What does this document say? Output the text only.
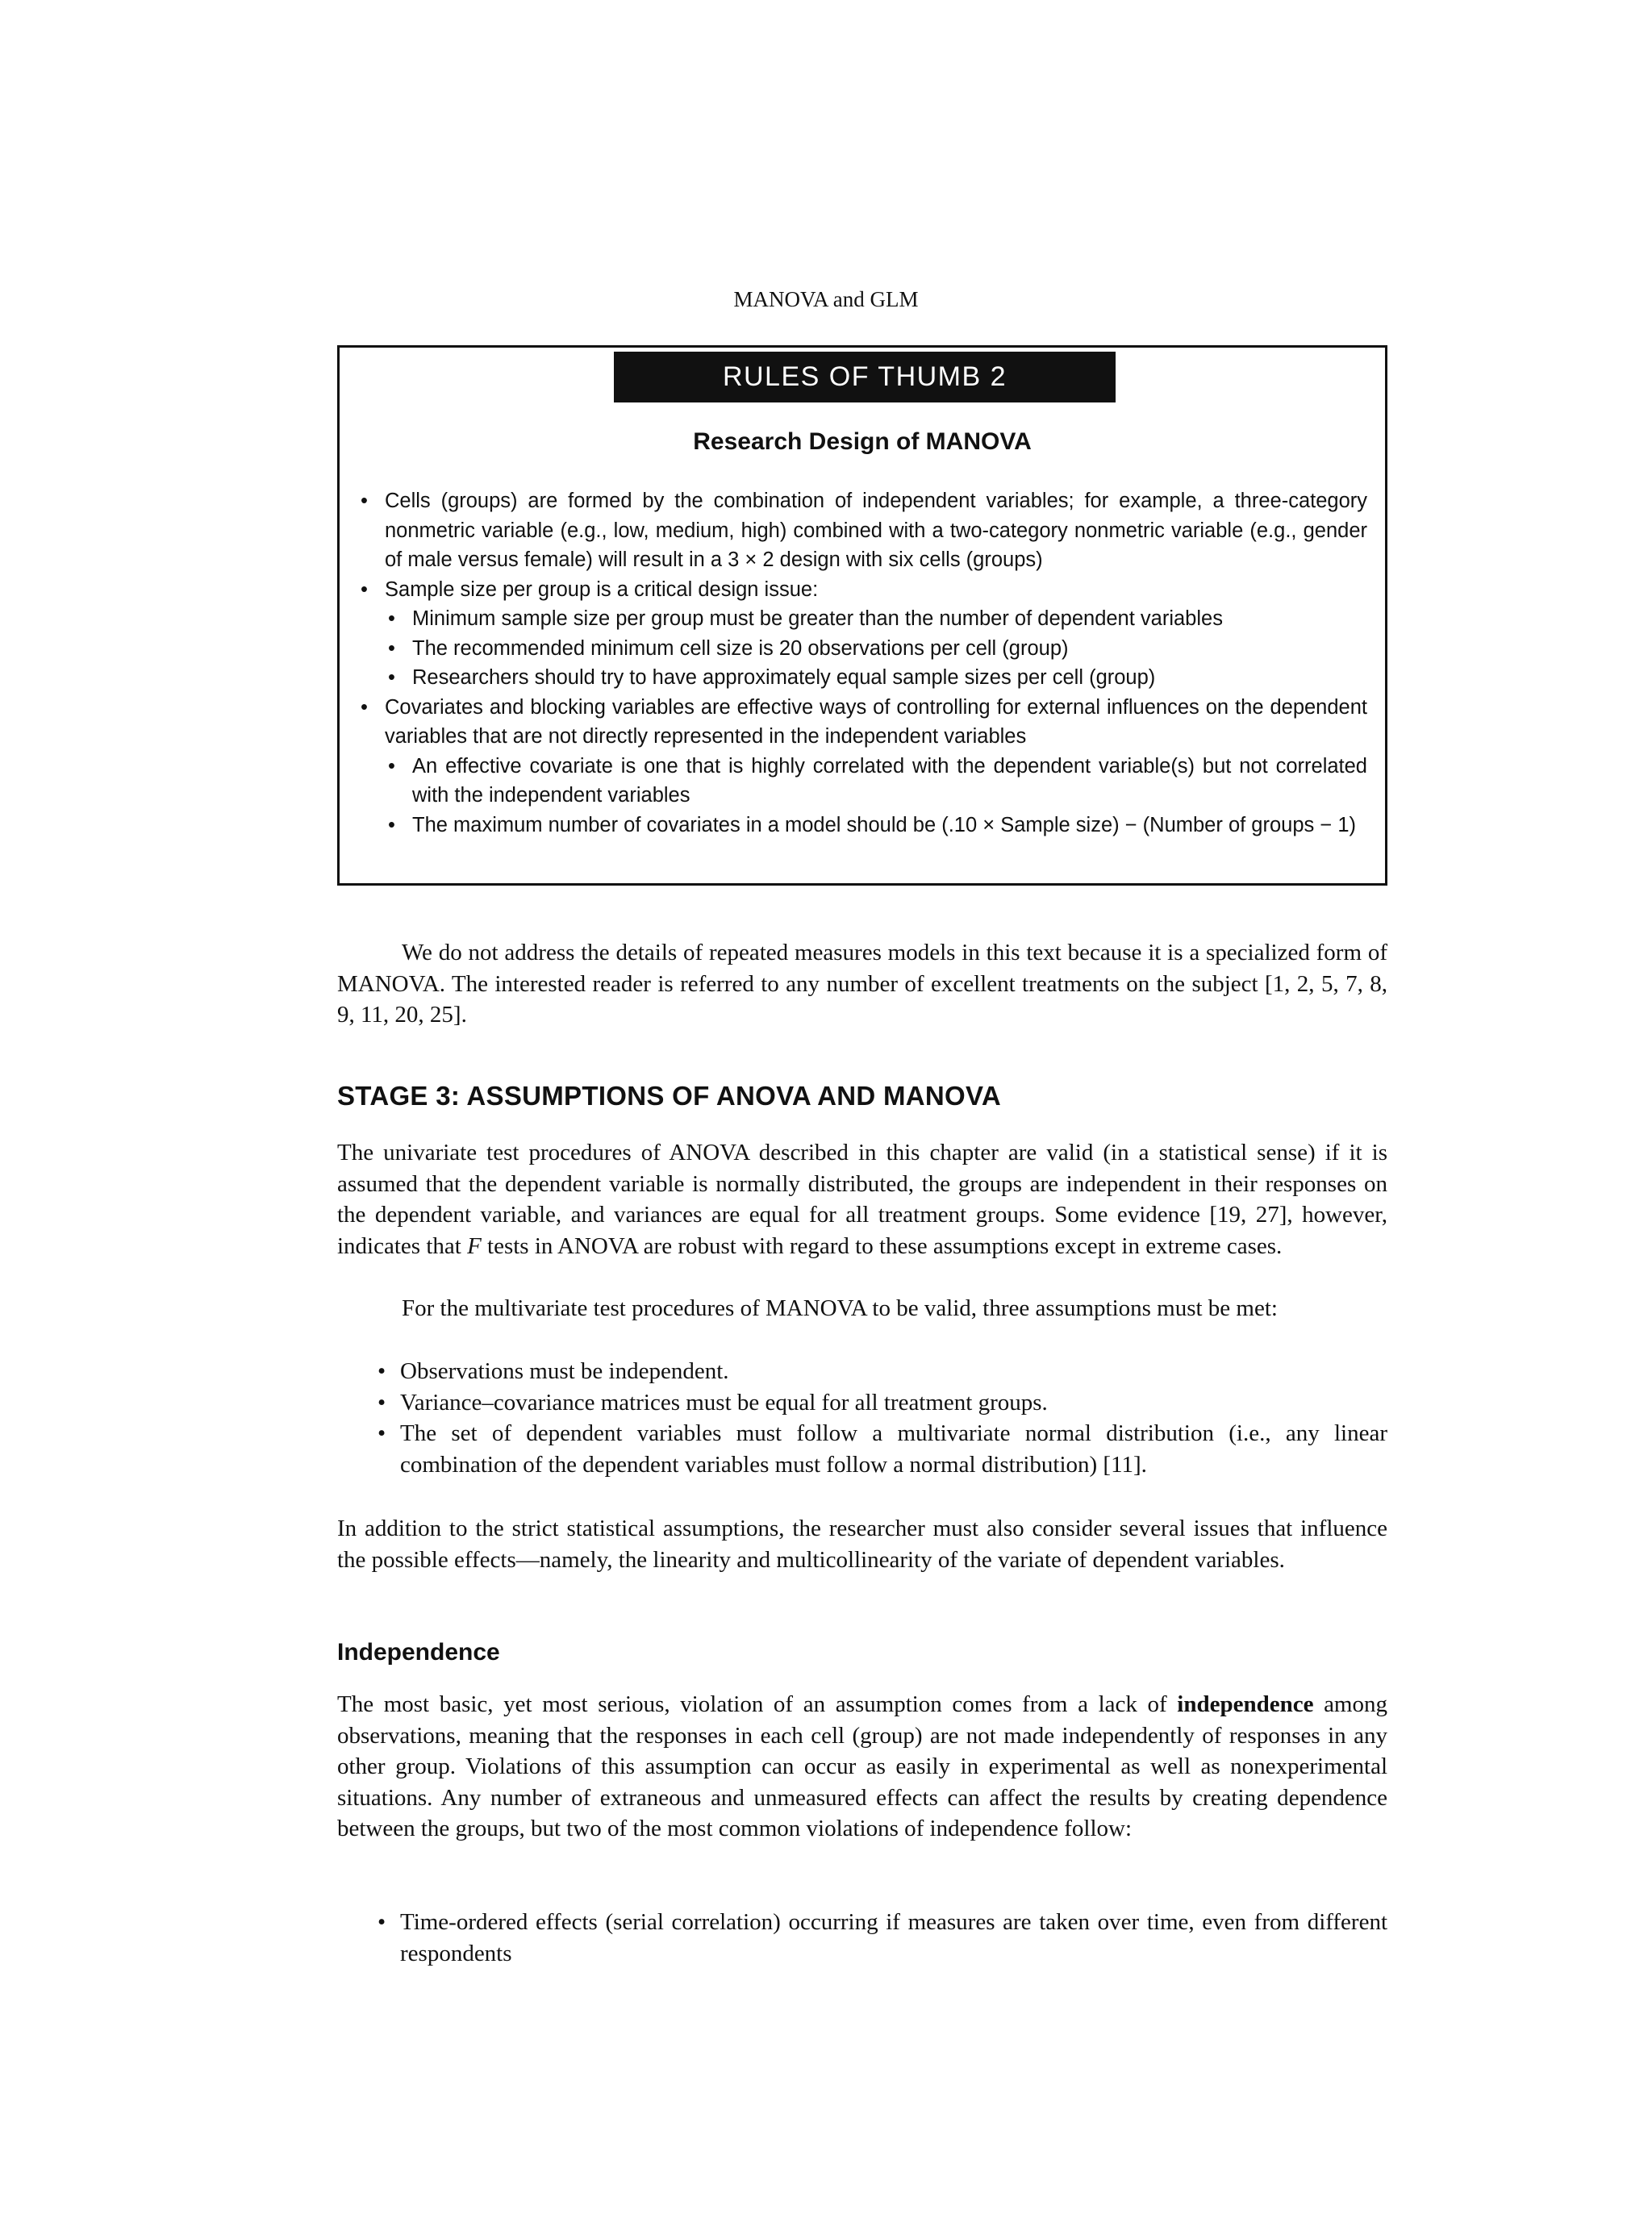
MANOVA and GLM
RULES OF THUMB 2
Research Design of MANOVA
• Cells (groups) are formed by the combination of independent variables; for example, a three-category nonmetric variable (e.g., low, medium, high) combined with a two-category nonmetric variable (e.g., gender of male versus female) will result in a 3 × 2 design with six cells (groups)
• Sample size per group is a critical design issue:
• Minimum sample size per group must be greater than the number of dependent variables
• The recommended minimum cell size is 20 observations per cell (group)
• Researchers should try to have approximately equal sample sizes per cell (group)
• Covariates and blocking variables are effective ways of controlling for external influences on the dependent variables that are not directly represented in the independent variables
• An effective covariate is one that is highly correlated with the dependent variable(s) but not correlated with the independent variables
• The maximum number of covariates in a model should be (.10 × Sample size) − (Number of groups − 1)

We do not address the details of repeated measures models in this text because it is a specialized form of MANOVA. The interested reader is referred to any number of excellent treatments on the subject [1, 2, 5, 7, 8, 9, 11, 20, 25].

STAGE 3: ASSUMPTIONS OF ANOVA AND MANOVA

The univariate test procedures of ANOVA described in this chapter are valid (in a statistical sense) if it is assumed that the dependent variable is normally distributed, the groups are independent in their responses on the dependent variable, and variances are equal for all treatment groups. Some evidence [19, 27], however, indicates that F tests in ANOVA are robust with regard to these assumptions except in extreme cases.

For the multivariate test procedures of MANOVA to be valid, three assumptions must be met:

• Observations must be independent.
• Variance–covariance matrices must be equal for all treatment groups.
• The set of dependent variables must follow a multivariate normal distribution (i.e., any linear combination of the dependent variables must follow a normal distribution) [11].

In addition to the strict statistical assumptions, the researcher must also consider several issues that influence the possible effects—namely, the linearity and multicollinearity of the variate of dependent variables.

Independence

The most basic, yet most serious, violation of an assumption comes from a lack of independence among observations, meaning that the responses in each cell (group) are not made independently of responses in any other group. Violations of this assumption can occur as easily in experimental as well as nonexperimental situations. Any number of extraneous and unmeasured effects can affect the results by creating dependence between the groups, but two of the most common violations of independence follow:

• Time-ordered effects (serial correlation) occurring if measures are taken over time, even from different respondents
